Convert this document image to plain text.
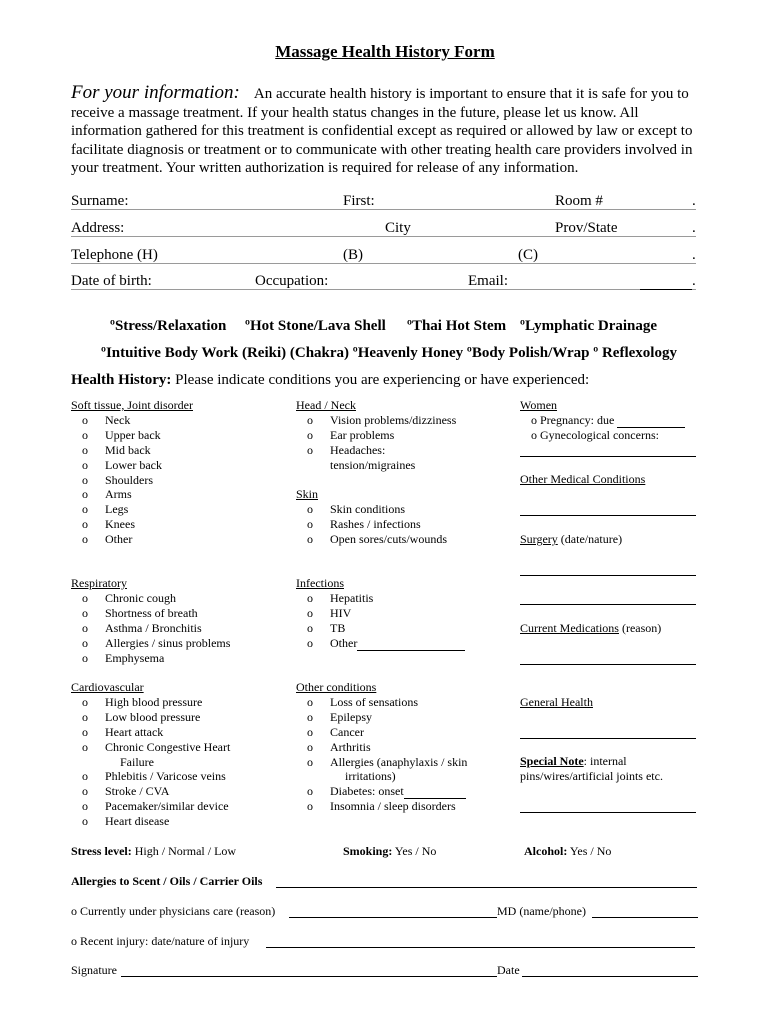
Massage Health History Form
For your information: An accurate health history is important to ensure that it is safe for you to receive a massage treatment. If your health status changes in the future, please let us know. All information gathered for this treatment is confidential except as required or allowed by law or except to facilitate diagnosis or treatment or to communicate with other treating health care providers involved in your treatment. Your written authorization is required for release of any information.
Surname:	First:	Room #	.
Address:	City	Prov/State	.
Telephone (H)	(B)	(C)	.
Date of birth:	Occupation:	Email:	.
ºStress/Relaxation ºHot Stone/Lava Shell ºThai Hot Stem ºLymphatic Drainage
ºIntuitive Body Work (Reiki) (Chakra) ºHeavenly Honey ºBody Polish/Wrap º Reflexology
Health History: Please indicate conditions you are experiencing or have experienced:
Soft tissue, Joint disorder
o Neck
o Upper back
o Mid back
o Lower back
o Shoulders
o Arms
o Legs
o Knees
o Other
Respiratory
o Chronic cough
o Shortness of breath
o Asthma / Bronchitis
o Allergies / sinus problems
o Emphysema
Cardiovascular
o High blood pressure
o Low blood pressure
o Heart attack
o Chronic Congestive Heart
Failure
o Phlebitis / Varicose veins
o Stroke / CVA
o Pacemaker/similar device
o Heart disease
Head / Neck
o Vision problems/dizziness
o Ear problems
o Headaches:
tension/migraines
Skin
o Skin conditions
o Rashes / infections
o Open sores/cuts/wounds
Infections
o Hepatitis
o HIV
o TB
o Other
Other conditions
o Loss of sensations
o Epilepsy
o Cancer
o Arthritis
o Allergies (anaphylaxis / skin
irritations)
o Diabetes: onset
o Insomnia / sleep disorders
Women
o Pregnancy: due
o Gynecological concerns:
Other Medical Conditions
Surgery (date/nature)
Current Medications (reason)
General Health
Special Note: internal
pins/wires/artificial joints etc.
Stress level: High / Normal / Low	Smoking: Yes / No	Alcohol: Yes / No
Allergies to Scent / Oils / Carrier Oils
o Currently under physicians care (reason)	MD (name/phone)
o Recent injury: date/nature of injury
Signature	Date
